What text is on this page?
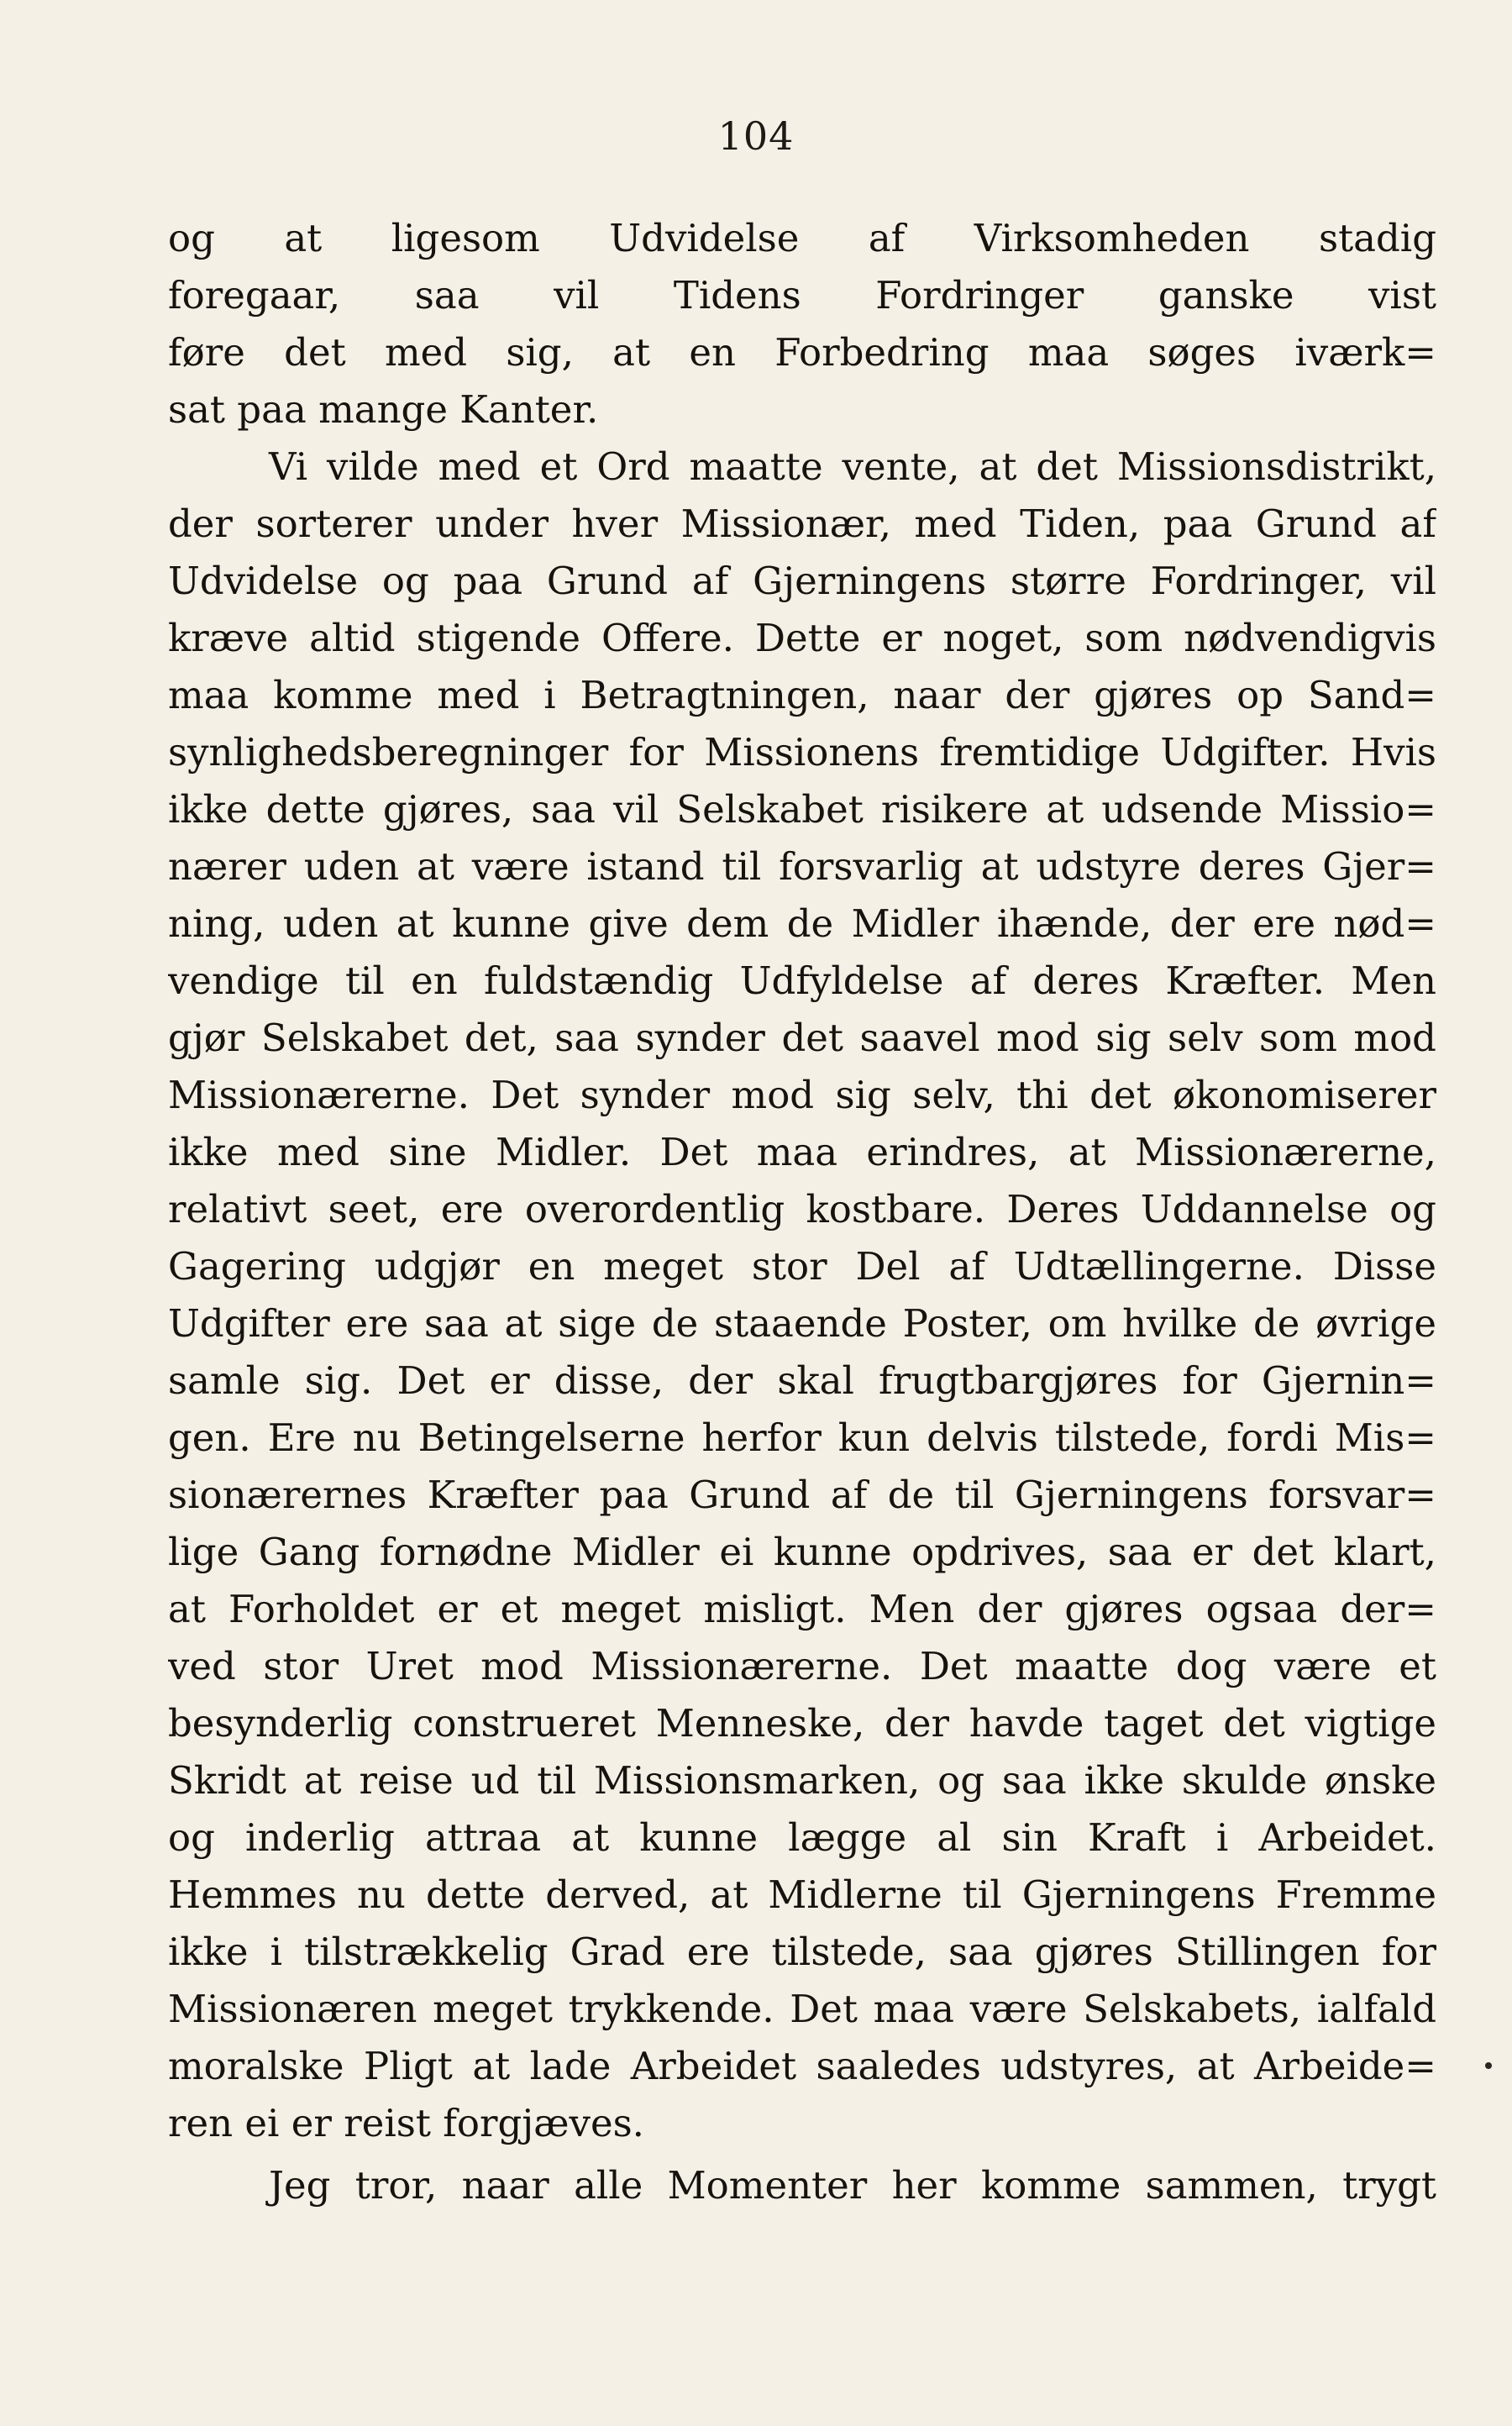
104
og at ligesom Udvidelse af Virksomheden stadig
foregaar, saa vil Tidens Fordringer ganske vist
føre det med sig, at en Forbedring maa søges iværk=
sat paa mange Kanter.
Vi vilde med et Ord maatte vente, at det Missionsdistrikt,
der sorterer under hver Missionær, med Tiden, paa Grund af
Udvidelse og paa Grund af Gjerningens større Fordringer, vil
kræve altid stigende Offere. Dette er noget, som nødvendigvis
maa komme med i Betragtningen, naar der gjøres op Sand=
synlighedsberegninger for Missionens fremtidige Udgifter. Hvis
ikke dette gjøres, saa vil Selskabet risikere at udsende Missio=
nærer uden at være istand til forsvarlig at udstyre deres Gjer=
ning, uden at kunne give dem de Midler ihænde, der ere nød=
vendige til en fuldstændig Udfyldelse af deres Kræfter. Men
gjør Selskabet det, saa synder det saavel mod sig selv som mod
Missionærerne. Det synder mod sig selv, thi det økonomiserer
ikke med sine Midler. Det maa erindres, at Missionærerne,
relativt seet, ere overordentlig kostbare. Deres Uddannelse og
Gagering udgjør en meget stor Del af Udtællingerne. Disse
Udgifter ere saa at sige de staaende Poster, om hvilke de øvrige
samle sig. Det er disse, der skal frugtbargjøres for Gjernin=
gen. Ere nu Betingelserne herfor kun delvis tilstede, fordi Mis=
sionærernes Kræfter paa Grund af de til Gjerningens forsvar=
lige Gang fornødne Midler ei kunne opdrives, saa er det klart,
at Forholdet er et meget misligt. Men der gjøres ogsaa der=
ved stor Uret mod Missionærerne. Det maatte dog være et
besynderlig construeret Menneske, der havde taget det vigtige
Skridt at reise ud til Missionsmarken, og saa ikke skulde ønske
og inderlig attraa at kunne lægge al sin Kraft i Arbeidet.
Hemmes nu dette derved, at Midlerne til Gjerningens Fremme
ikke i tilstrækkelig Grad ere tilstede, saa gjøres Stillingen for
Missionæren meget trykkende. Det maa være Selskabets, ialfald
moralske Pligt at lade Arbeidet saaledes udstyres, at Arbeide=
ren ei er reist forgjæves.
Jeg tror, naar alle Momenter her komme sammen, trygt
